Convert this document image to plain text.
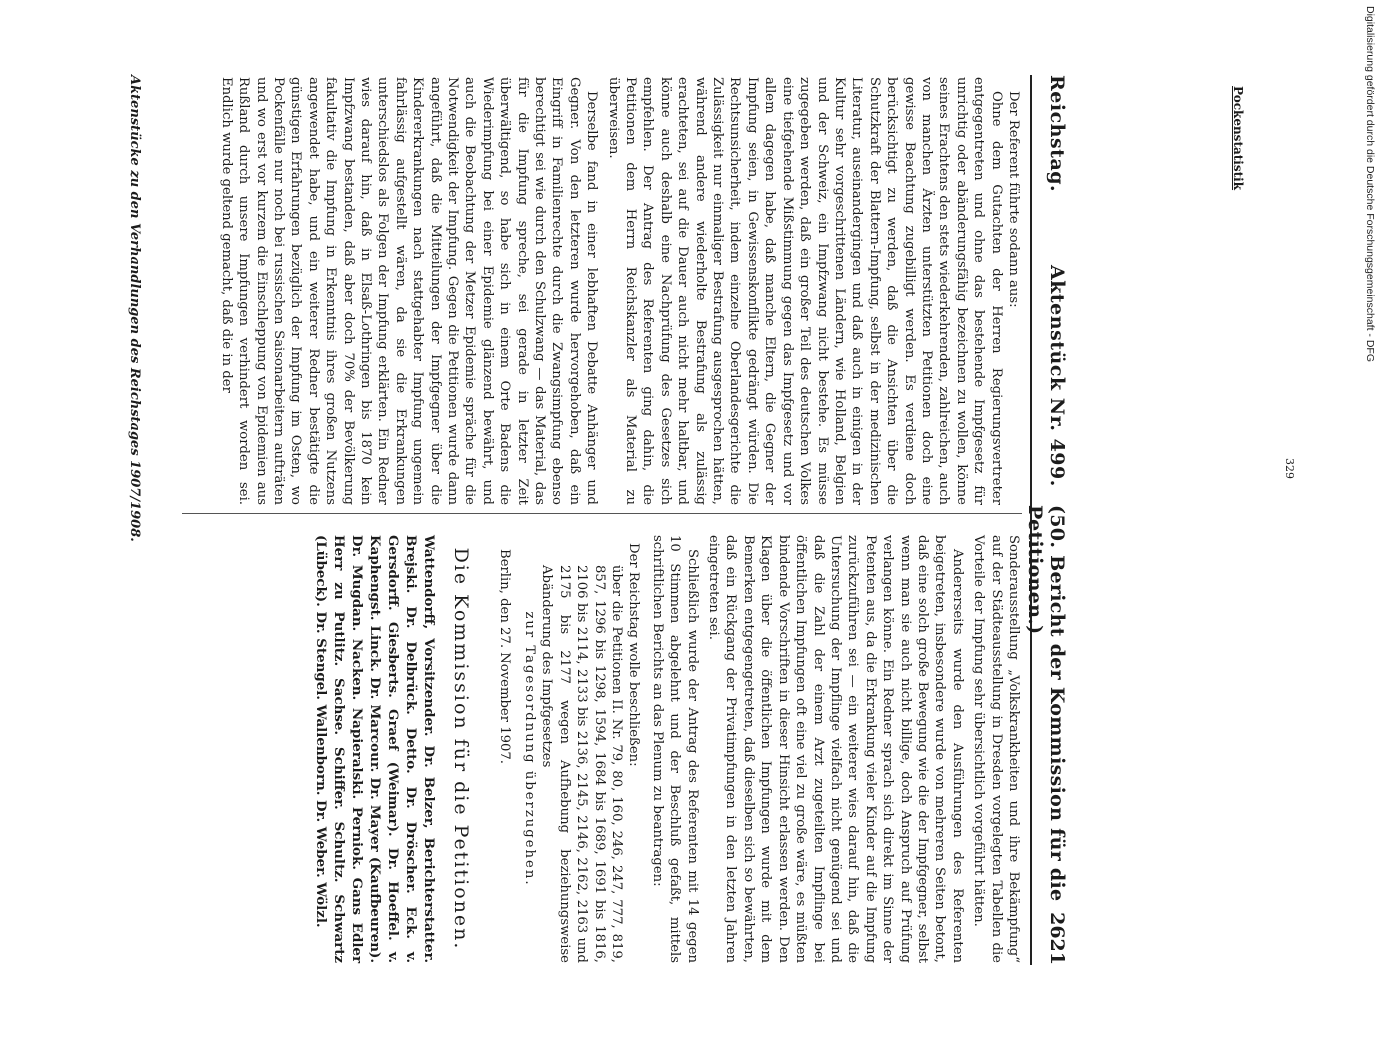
Reichstag.
Aktenstück Nr. 499.
(50. Bericht der Kommission für die Petitionen.)
2621

Der Referent führte sodann aus:

Ohne dem Gutachten der Herren Regierungsvertreter entgegentreten und ohne das bestehende Impfgesetz für unrichtig oder abänderungsfähig bezeichnen zu wollen, könne seines Erachtens den stets wiederkehrenden, zahlreichen, auch von manchen Ärzten unterstützten Petitionen doch eine gewisse Beachtung zugebilligt werden. Es verdiene doch berücksichtigt zu werden, daß die Ansichten über die Schutzkraft der Blattern-Impfung, selbst in der medizinischen Literatur, auseinandergingen und daß auch in einigen in der Kultur sehr vorgeschrittenen Ländern, wie Holland, Belgien und der Schweiz, ein Impfzwang nicht bestehe. Es müsse zugegeben werden, daß ein großer Teil des deutschen Volkes eine tiefgehende Mißstimmung gegen das Impfgesetz und vor allem dagegen habe, daß manche Eltern, die Gegner der Impfung seien, in Gewissenskonflikte gedrängt würden. Die Rechtsunsicherheit, indem einzelne Oberlandesgerichte die Zulässigkeit nur einmaliger Bestrafung ausgesprochen hätten, während andere wiederholte Bestrafung als zulässig erachteten, sei auf die Dauer auch nicht mehr haltbar, und könne auch deshalb eine Nachprüfung des Gesetzes sich empfehlen. Der Antrag des Referenten ging dahin, die Petitionen dem Herrn Reichskanzler als Material zu überweisen.

Derselbe fand in einer lebhaften Debatte Anhänger und Gegner. Von den letzteren wurde hervorgehoben, daß ein Eingriff in Familienrechte durch die Zwangsimpfung ebenso berechtigt sei wie durch den Schulzwang — das Material, das für die Impfung spreche, sei gerade in letzter Zeit überwältigend, so habe sich in einem Orte Badens die Wiederimpfung bei einer Epidemie glänzend bewährt, und auch die Beobachtung der Metzer Epidemie spräche für die Notwendigkeit der Impfung. Gegen die Petitionen wurde dann angeführt, daß die Mitteilungen der Impfgegner über die Kindererkrankungen nach stattgehabter Impfung ungemein fahrlässig aufgestellt wären, da sie die Erkrankungen unterschiedslos als Folgen der Impfung erklärten. Ein Redner wies darauf hin, daß in Elsaß-Lothringen bis 1870 kein Impfzwang bestanden, daß aber doch 70% der Bevölkerung fakultativ die Impfung in Erkenntnis ihres großen Nutzens angewendet habe, und ein weiterer Redner bestätigte die günstigen Erfahrungen bezüglich der Impfung im Osten, wo Pockenfälle nur noch bei russischen Saisonarbeitern aufträten und wo erst vor kurzem die Einschleppung von Epidemien aus Rußland durch unsere Impfungen verhindert worden sei. Endlich wurde geltend gemacht, daß die in der

Sonderausstellung „Volkskrankheiten und ihre Bekämpfung“ auf der Städteausstellung in Dresden vorgelegten Tabellen die Vorteile der Impfung sehr übersichtlich vorgeführt hätten.

Andererseits wurde den Ausführungen des Referenten beigetreten, insbesondere wurde von mehreren Seiten betont, daß eine solch große Bewegung wie die der Impfgegner, selbst wenn man sie auch nicht billige, doch Anspruch auf Prüfung verlangen könne. Ein Redner sprach sich direkt im Sinne der Petenten aus, da die Erkrankung vieler Kinder auf die Impfung zurückzuführen sei — ein weiterer wies darauf hin, daß die Untersuchung der Impflinge vielfach nicht genügend sei und daß die Zahl der einem Arzt zugeteilten Impflinge bei öffentlichen Impfungen oft eine viel zu große wäre, es müßten bindende Vorschriften in dieser Hinsicht erlassen werden. Den Klagen über die öffentlichen Impfungen wurde mit dem Bemerken entgegengetreten, daß dieselben sich so bewährten, daß ein Rückgang der Privatimpfungen in den letzten Jahren eingetreten sei.

Schließlich wurde der Antrag des Referenten mit 14 gegen 10 Stimmen abgelehnt und der Beschluß gefaßt, mittels schriftlichen Berichts an das Plenum zu beantragen:

Der Reichstag wolle beschließen:

über die Petitionen II. Nr. 79, 80, 160, 246, 247, 777, 819, 857, 1296 bis 1298, 1594, 1684 bis 1689, 1691 bis 1816, 2106 bis 2114, 2133 bis 2136, 2145, 2146, 2162, 2163 und 2175 bis 2177 wegen Aufhebung beziehungsweise Abänderung des Impfgesetzes

zur Tagesordnung überzugehen.

Berlin, den 27. November 1907.

Die Kommission für die Petitionen.

Wattendorff, Vorsitzender. Dr. Belzer, Berichterstatter. Brejski. Dr. Delbrück. Detto. Dr. Dröscher. Eck. v. Gersdorff. Giesberts. Graef (Weimar). Dr. Hoeffel. v. Kaphengst. Linck. Dr. Marcour. Dr. Mayer (Kaufbeuren). Dr. Mugdan. Nacken. Napieralski. Perniok. Gans Edler Herr zu Putlitz. Sachse. Schiffer. Schultz. Schwartz (Lübeck). Dr. Stengel. Wallenborn. Dr. Weber. Wölzl.

Aktenstücke zu den Verhandlungen des Reichstages 1907/1908.	Pockenstatistik
329
Digitalisierung gefördert durch die Deutsche Forschungsgemeinschaft - DFG
